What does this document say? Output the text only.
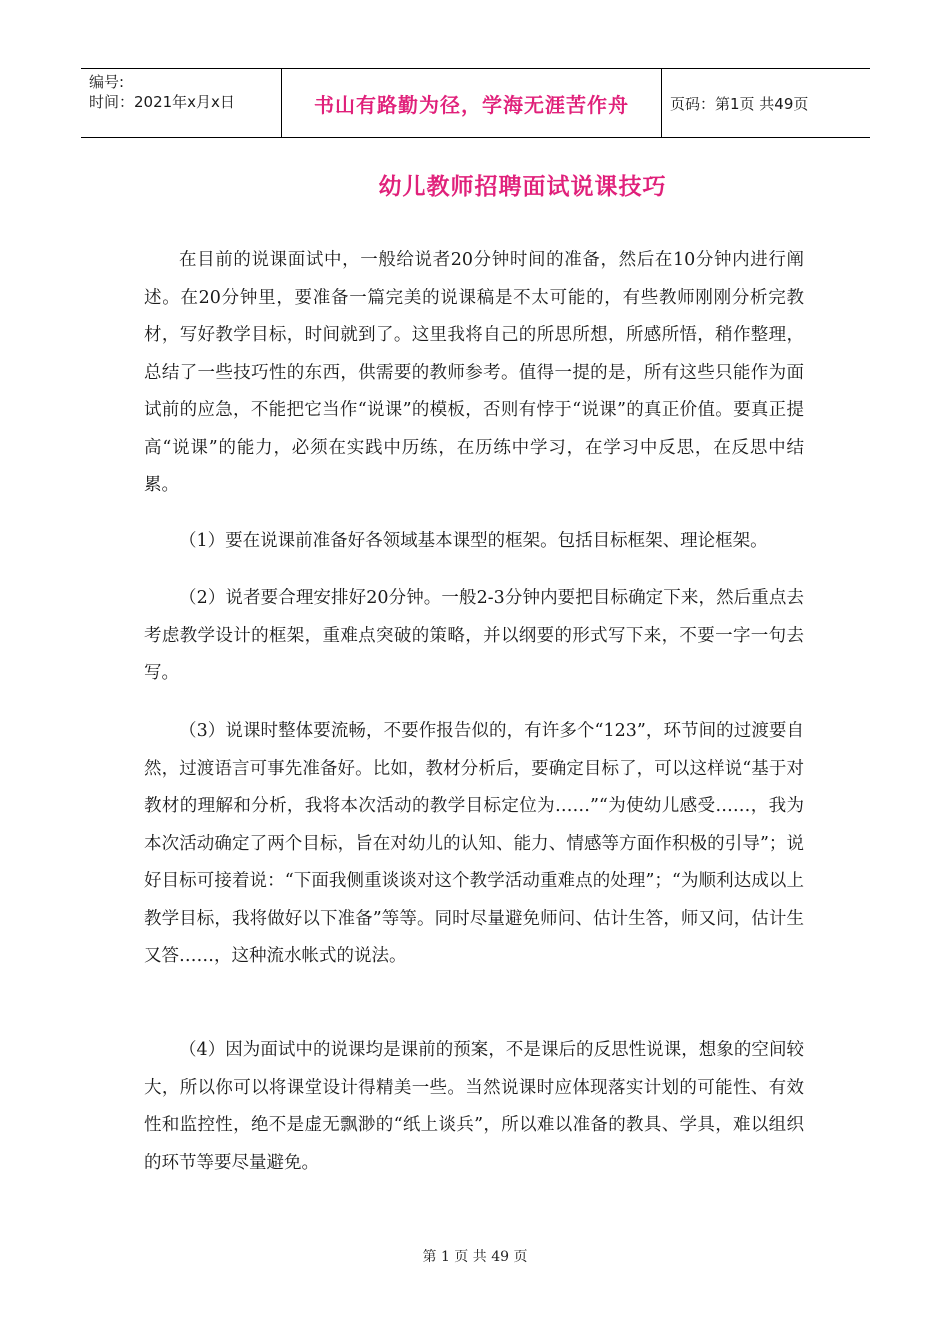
编号:
时间：2021年x月x日	书山有路勤为径，学海无涯苦作舟	页码：第1页 共49页
幼儿教师招聘面试说课技巧
在目前的说课面试中，一般给说者20分钟时间的准备，然后在10分钟内进行阐述。在20分钟里，要准备一篇完美的说课稿是不太可能的，有些教师刚刚分析完教材，写好教学目标，时间就到了。这里我将自己的所思所想，所感所悟，稍作整理，总结了一些技巧性的东西，供需要的教师参考。值得一提的是，所有这些只能作为面试前的应急，不能把它当作“说课”的模板，否则有悖于“说课”的真正价值。要真正提高“说课”的能力，必须在实践中历练，在历练中学习，在学习中反思，在反思中结累。
（1）要在说课前准备好各领域基本课型的框架。包括目标框架、理论框架。
（2）说者要合理安排好20分钟。一般2-3分钟内要把目标确定下来，然后重点去考虑教学设计的框架，重难点突破的策略，并以纲要的形式写下来，不要一字一句去写。
（3）说课时整体要流畅，不要作报告似的，有许多个“123”，环节间的过渡要自然，过渡语言可事先准备好。比如，教材分析后，要确定目标了，可以这样说“基于对教材的理解和分析，我将本次活动的教学目标定位为……”“为使幼儿感受……，我为本次活动确定了两个目标，旨在对幼儿的认知、能力、情感等方面作积极的引导”；说好目标可接着说：“下面我侧重谈谈对这个教学活动重难点的处理”；“为顺利达成以上教学目标，我将做好以下准备”等等。同时尽量避免师问、估计生答，师又问，估计生又答……，这种流水帐式的说法。
（4）因为面试中的说课均是课前的预案，不是课后的反思性说课，想象的空间较大，所以你可以将课堂设计得精美一些。当然说课时应体现落实计划的可能性、有效性和监控性，绝不是虚无飘渺的“纸上谈兵”，所以难以准备的教具、学具，难以组织的环节等要尽量避免。
第 1 页 共 49 页
